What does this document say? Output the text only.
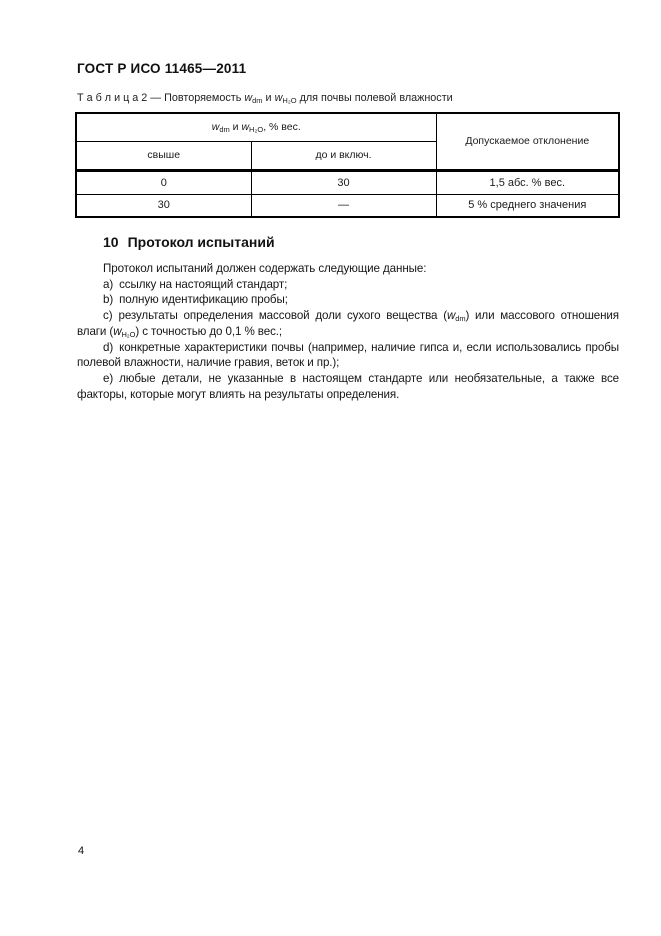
ГОСТ Р ИСО 11465—2011
Т а б л и ц а 2 — Повторяемость $w_{dm}$ и $w_{H_2O}$ для почвы полевой влажности
$w_{dm}$ и $w_{H_2O}$, % вес.		Допускаемое отклонение
свыше	до и включ.	
0	30	1,5 абс. % вес.
30	—	5 % среднего значения
10 Протокол испытаний

Протокол испытаний должен содержать следующие данные:

a) ссылку на настоящий стандарт;

b) полную идентификацию пробы;

c) результаты определения массовой доли сухого вещества $(w_{dm})$ или массового отношения влаги $(w_{H_2O})$ с точностью до 0,1 % вес.;

d) конкретные характеристики почвы (например, наличие гипса и, если использовались пробы полевой влажности, наличие гравия, веток и пр.);

e) любые детали, не указанные в настоящем стандарте или необязательные, а также все факторы, которые могут влиять на результаты определения.

4
